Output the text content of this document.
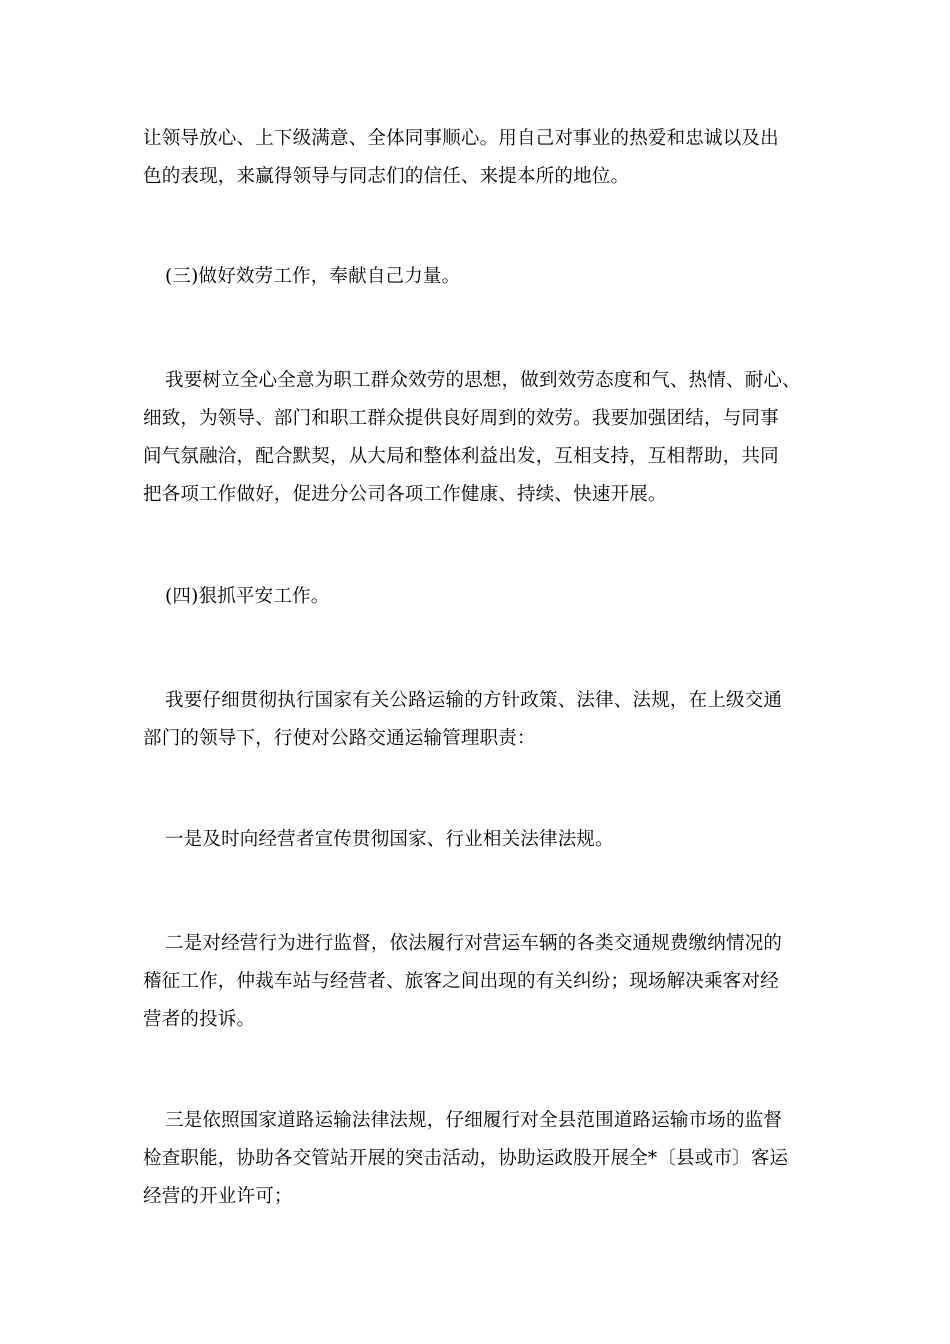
让领导放心、上下级满意、全体同事顺心。用自己对事业的热爱和忠诚以及出
色的表现，来赢得领导与同志们的信任、来提本所的地位。

(三)做好效劳工作，奉献自己力量。

我要树立全心全意为职工群众效劳的思想，做到效劳态度和气、热情、耐心、
细致，为领导、部门和职工群众提供良好周到的效劳。我要加强团结，与同事
间气氛融洽，配合默契，从大局和整体利益出发，互相支持，互相帮助，共同
把各项工作做好，促进分公司各项工作健康、持续、快速开展。

(四)狠抓平安工作。

我要仔细贯彻执行国家有关公路运输的方针政策、法律、法规，在上级交通
部门的领导下，行使对公路交通运输管理职责：

一是及时向经营者宣传贯彻国家、行业相关法律法规。

二是对经营行为进行监督，依法履行对营运车辆的各类交通规费缴纳情况的
稽征工作，仲裁车站与经营者、旅客之间出现的有关纠纷；现场解决乘客对经
营者的投诉。

三是依照国家道路运输法律法规，仔细履行对全县范围道路运输市场的监督
检查职能，协助各交管站开展的突击活动，协助运政股开展全*〔县或市〕客运
经营的开业许可；
